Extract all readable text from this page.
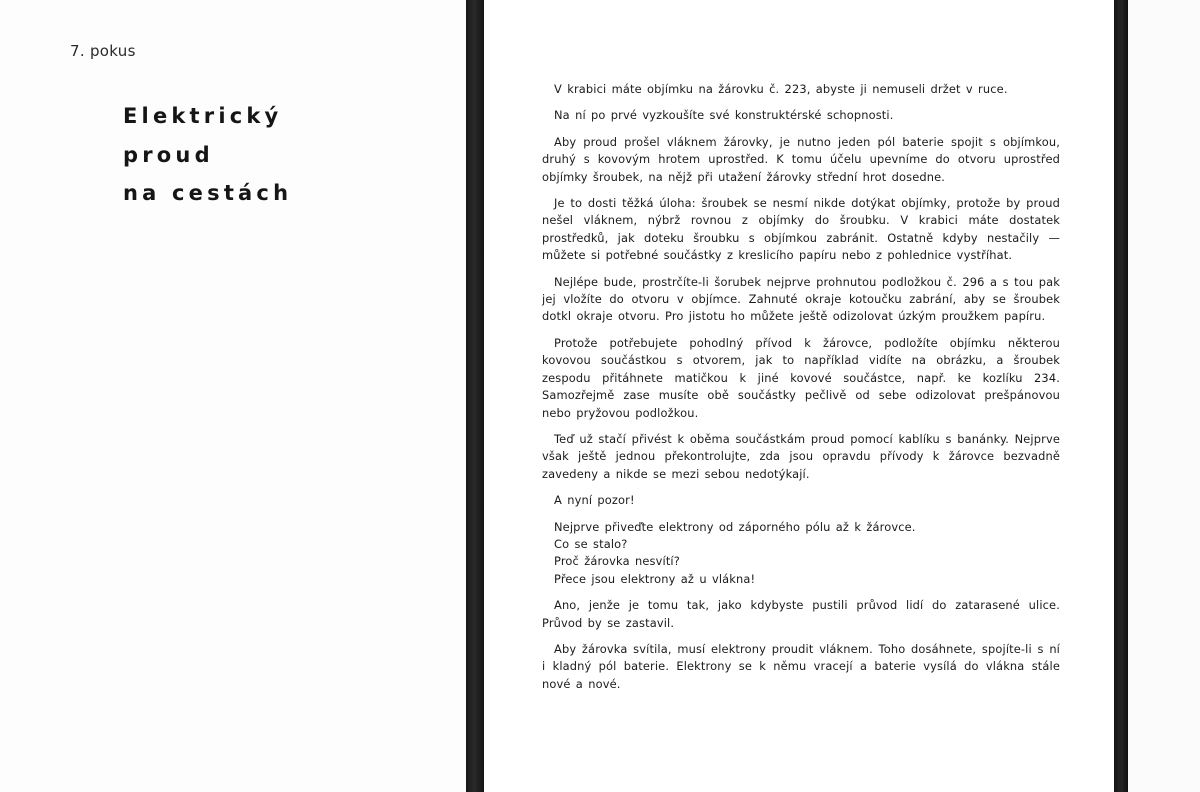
7. pokus
Elektrický
proud
na cestách

V krabici máte objímku na žárovku č. 223, abyste ji nemuseli držet v ruce.

Na ní po prvé vyzkoušíte své konstruktérské schopnosti.

Aby proud prošel vláknem žárovky, je nutno jeden pól baterie spojit s objímkou, druhý s kovovým hrotem uprostřed. K tomu účelu upevníme do otvoru uprostřed objímky šroubek, na nějž při utažení žárovky střední hrot dosedne.

Je to dosti těžká úloha: šroubek se nesmí nikde dotýkat objímky, protože by proud nešel vláknem, nýbrž rovnou z objímky do šroubku. V krabici máte dostatek prostředků, jak doteku šroubku s objímkou zabránit. Ostatně kdyby nestačily — můžete si potřebné součástky z kreslicího papíru nebo z pohlednice vystříhat.

Nejlépe bude, prostrčíte-li šorubek nejprve prohnutou podložkou č. 296 a s tou pak jej vložíte do otvoru v objímce. Zahnuté okraje kotoučku zabrání, aby se šroubek dotkl okraje otvoru. Pro jistotu ho můžete ještě odizolovat úzkým proužkem papíru.

Protože potřebujete pohodlný přívod k žárovce, podložíte objímku některou kovovou součástkou s otvorem, jak to například vidíte na obrázku, a šroubek zespodu přitáhnete matičkou k jiné kovové součástce, např. ke kozlíku 234. Samozřejmě zase musíte obě součástky pečlivě od sebe odizolovat prešpánovou nebo pryžovou podložkou.

Teď už stačí přivést k oběma součástkám proud pomocí kablíku s banánky. Nejprve však ještě jednou překontrolujte, zda jsou opravdu přívody k žárovce bezvadně zavedeny a nikde se mezi sebou nedotýkají.

A nyní pozor!

Nejprve přiveďte elektrony od záporného pólu až k žárovce.
Co se stalo?
Proč žárovka nesvítí?
Přece jsou elektrony až u vlákna!

Ano, jenže je tomu tak, jako kdybyste pustili průvod lidí do zatarasené ulice. Průvod by se zastavil.

Aby žárovka svítila, musí elektrony proudit vláknem. Toho dosáhnete, spojíte-li s ní i kladný pól baterie. Elektrony se k němu vracejí a baterie vysílá do vlákna stále nové a nové.
